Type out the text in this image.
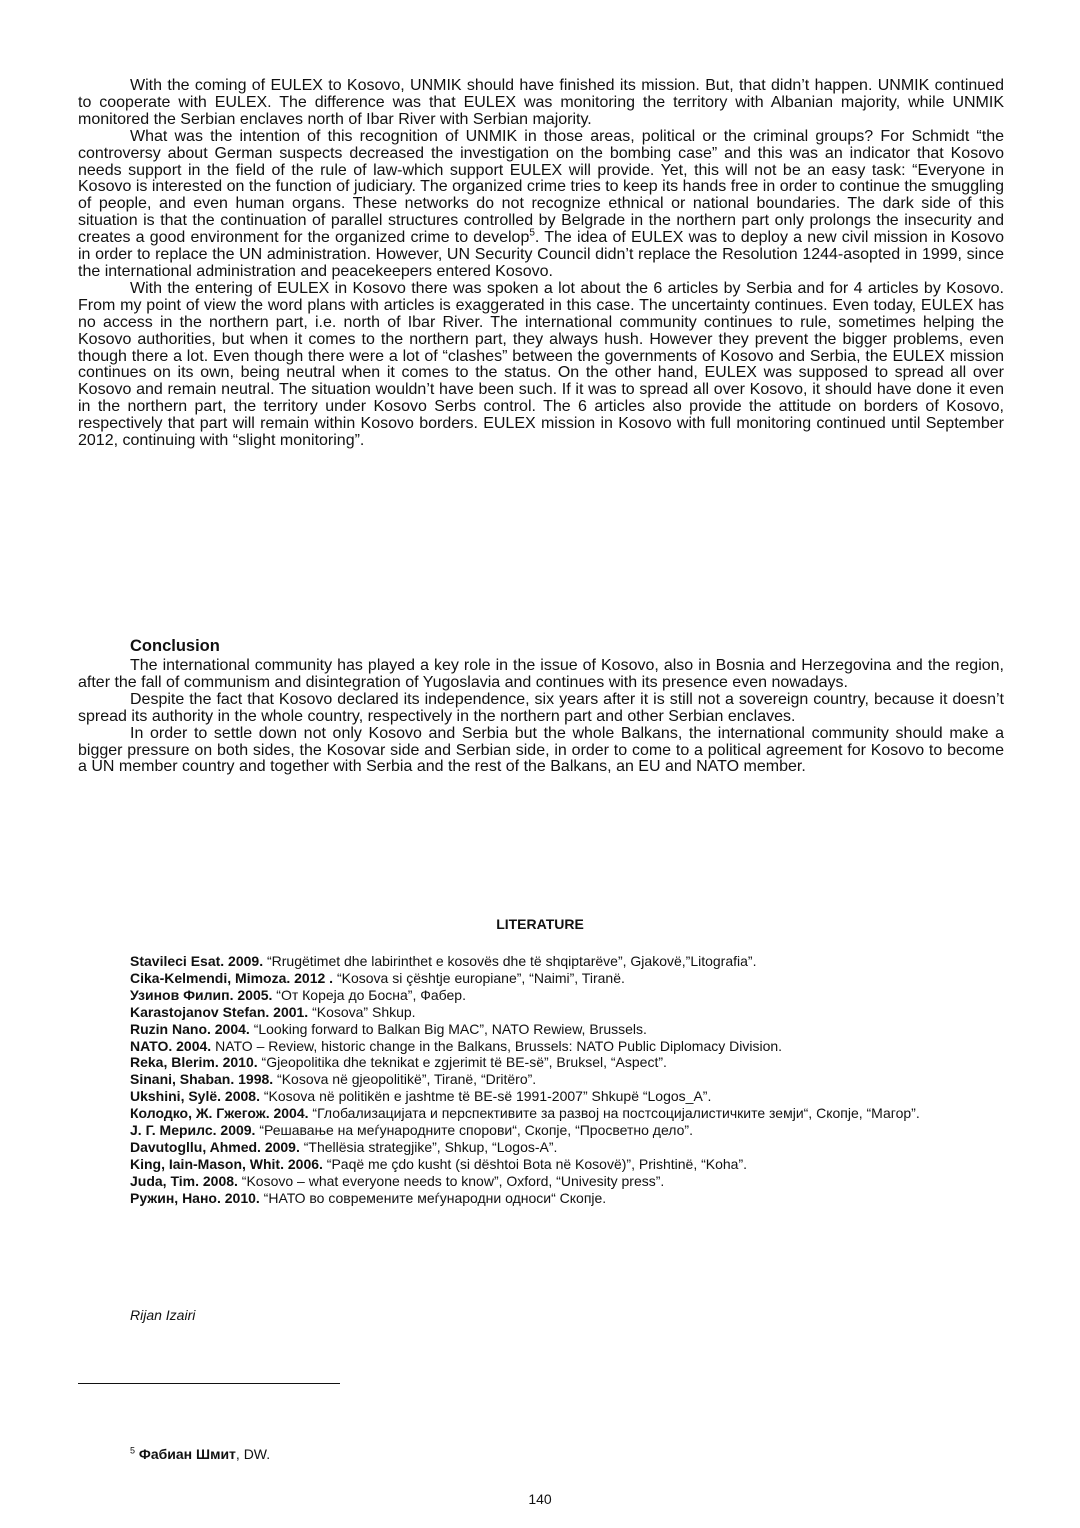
With the coming of EULEX to Kosovo, UNMIK should have finished its mission. But, that didn’t happen. UNMIK continued to cooperate with EULEX. The difference was that EULEX was monitoring the territory with Albanian majority, while UNMIK monitored the Serbian enclaves north of Ibar River with Serbian majority.

What was the intention of this recognition of UNMIK in those areas, political or the criminal groups? For Schmidt “the controversy about German suspects decreased the investigation on the bombing case” and this was an indicator that Kosovo needs support in the field of the rule of law-which support EULEX will provide. Yet, this will not be an easy task: “Everyone in Kosovo is interested on the function of judiciary. The organized crime tries to keep its hands free in order to continue the smuggling of people, and even human organs. These networks do not recognize ethnical or national boundaries. The dark side of this situation is that the continuation of parallel structures controlled by Belgrade in the northern part only prolongs the insecurity and creates a good environment for the organized crime to develop$^5$. The idea of EULEX was to deploy a new civil mission in Kosovo in order to replace the UN administration. However, UN Security Council didn’t replace the Resolution 1244-asopted in 1999, since the international administration and peacekeepers entered Kosovo.

With the entering of EULEX in Kosovo there was spoken a lot about the 6 articles by Serbia and for 4 articles by Kosovo. From my point of view the word plans with articles is exaggerated in this case. The uncertainty continues. Even today, EULEX has no access in the northern part, i.e. north of Ibar River. The international community continues to rule, sometimes helping the Kosovo authorities, but when it comes to the northern part, they always hush. However they prevent the bigger problems, even though there a lot. Even though there were a lot of “clashes” between the governments of Kosovo and Serbia, the EULEX mission continues on its own, being neutral when it comes to the status. On the other hand, EULEX was supposed to spread all over Kosovo and remain neutral. The situation wouldn’t have been such. If it was to spread all over Kosovo, it should have done it even in the northern part, the territory under Kosovo Serbs control. The 6 articles also provide the attitude on borders of Kosovo, respectively that part will remain within Kosovo borders. EULEX mission in Kosovo with full monitoring continued until September 2012, continuing with “slight monitoring”.

Conclusion

The international community has played a key role in the issue of Kosovo, also in Bosnia and Herzegovina and the region, after the fall of communism and disintegration of Yugoslavia and continues with its presence even nowadays.

Despite the fact that Kosovo declared its independence, six years after it is still not a sovereign country, because it doesn’t spread its authority in the whole country, respectively in the northern part and other Serbian enclaves.

In order to settle down not only Kosovo and Serbia but the whole Balkans, the international community should make a bigger pressure on both sides, the Kosovar side and Serbian side, in order to come to a political agreement for Kosovo to become a UN member country and together with Serbia and the rest of the Balkans, an EU and NATO member.

LITERATURE

Stavileci Esat. 2009. “Rrugëtimet dhe labirinthet e kosovës dhe të shqiptarëve”, Gjakovë,”Litografia”.

Cika-Kelmendi, Mimoza. 2012 . “Kosova si çështje europiane”, “Naimi”, Tiranë.

Узинов Филип. 2005. “От Кореја до Босна”, Фабер.

Karastojanov Stefan. 2001. “Kosova” Shkup.

Ruzin Nano. 2004. “Looking forward to Balkan Big MAC”, NATO Rewiew, Brussels.

NATO. 2004. NATO – Review, historic change in the Balkans, Brussels: NATO Public Diplomacy Division.

Reka, Blerim. 2010. “Gjeopolitika dhe teknikat e zgjerimit të BE-së”, Bruksel, “Aspect”.

Sinani, Shaban. 1998. “Kosova në gjeopolitikë”, Tiranë, “Dritëro”.

Ukshini, Sylë. 2008. “Kosova në politikën e jashtme të BE-së 1991-2007” Shkupë “Logos_A”.

Колодко, Ж. Гжегож. 2004. “Глобализацијата и перспективите за развој на постсоцијалистичките земји“, Скопје, “Магор”.

Ј. Г. Мерилс. 2009. “Решавање на меѓународните спорови“, Скопје, “Просветно дело”.

Davutogllu, Ahmed. 2009. “Thellësia strategjike”, Shkup, “Logos-A”.

King, Iain-Mason, Whit. 2006. “Paqë me çdo kusht (si dështoi Bota në Kosovë)”, Prishtinë, “Koha”.

Juda, Tim. 2008. “Kosovo – what everyone needs to know”, Oxford, “Univesity press”.

Ружин, Нано. 2010. “НАТО во современите меѓународни односи“ Скопје.

Rijan Izairi
$^5$ Фабиан Шмит, DW.
140
